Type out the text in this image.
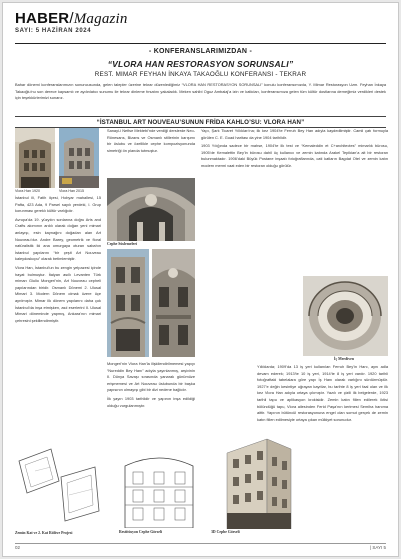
HABER/Magazin
SAYI: 5 HAZİRAN 2024
- KONFERANSLARIMIZDAN -
“VLORA HAN RESTORASYON SORUNSALI”
REST. MIMAR FEYHAN İNKAYA TAKAOĞLU KONFERANSI - TEKRAR

Bahar dönemi konferanslarımızın sonuncusunda, gelen talepler üzerine tekrar düzenlediğimiz “VLORA HAN RESTORASYON SORUNSALI” konulu konferansımızda, Y. Mimar Restorasyon Uzm. Feyhan İnkaya Takaoğlu’nu son derece kapsamlı ve aydınlatıcı sunumu ile tekrar dinleme fırsatını yakaladık. Meken sahibi Oguz Ambalaj’a izin ve katkıları, konferansımıza gelen tüm kültür dostlarına derneğimiz verdikleri destek için teşekkürlerimizi sunarız.

“İSTANBUL ART NOUVEAU’SUNUN FRİDA KAHLO’SU: VLORA HAN”
Vlora Han 1920	Vlora Han 2015

İstanbul ili, Fatih ilçesi, Hobyar mahallesi, 15 Pafta, 423 Ada, 9 Parsel sayılı yerdeki, I. Grup korunması gereklı kültür varlığıdır.

Avrupa’da 19. yüzyılın sonlarına doğru Arts and Crafts akımının ardılı olarak doğan yeni mimari anlayışı, esin kaynağını doğadan alan Art Nouveau’dur. Andre Barey, geometrik ve floral natüralistik iki ana omurgaya oturan sabahın İstanbul yapılarını “bir çeşit Art Nouveau kaleydoskopu” olarak betimlemiştir.

Vlora Han, İstanbul’un bu zengin yelpazesi içinde hayat bulmuştur. İtalyan asıllı Levanten Türk mimarı Giulio Mongeri’nin, Art Nouveau cepheli yapılarından biridir. Osmanlı Dönemi 2. Ulusal Mimari 3. Modern Dönem olmak üzere üçe ayrılmıştır. Mimar ilk dönem yapılarını daha çok İstanbul’da inşa etmişken, asıl eserlerini II. Ulusal Mimari döneminde yapmış, Ankara’nın mimari çehresini şekillendirmiştir.

Sanayi-i Nefise Mektebi’nde verdiği derslerde Neo-Rönesans, Bizans ve Osmanlı stillerinin karışımı bir üslubu ve özellikle cephe kompozisyonunda simetriği ön planda tutmuştur.

Cephe Süslemeleri

Mongeri’nin Vlora Han’la ilişkilendirilmemesi yapıyı “Nureddin Bey Hanı” adıyla yayınlanmış, arşivinin II. Dünya Savaşı sırasında yanarak günümüze erişmemesi ve Art Nouveau üslubunda bir başka yapısının olmayışı gibi bir dizi nedene bağlıdır.

İlk yayın 1903 tarihlidir ve yapının inşa edildiği olduğu vurgulanmıştır.

Yapı, Şark Ticaret Yıllıkları’na; ilk kez 1904’te Ferruh Bey Han adıyla kaydedilmiştir. Camii çatı formuyla görülen C. E. Goad haritası da yine 1904 tarihlidir.

1903 Yılığında sadece bir mahse, 1904’te ilk test ve “Kemaleddin et C+architectes” mimarlık bürosu, 1905’de Kemalettin Bey’in bürosu dahil üç kullanıcı ve zemin katında Arakel Tepikian’a ait bir restoran bulunmaktadır. 1906’daki Büyük Postane inşaatı fotoğraflarında, cati katların Bagdat Otel ve zemin katın modern mermi vaat eden bir restoran olduğu görülür.

İç Merdiven

Yıllıklarda; 1909’da 13 iş yeri kullanılan Ferruh Bey’in Hanı, aynı adla devam ederek; 1913’te 10 iş yeri, 1914’te 8 iş yeri vardır. 1920 tarihli fotoğraftaki tabelalara göre yapı İş Hanı olarak varlığını sürdürmüştür. 1927’e değin kesintiye uğrayan kayıtlar, bu tarihte 8 iş yeri faal olan ve ilk kez Vlora Han adıyla ortaya çıkmıştır. Yazılı ve çizili ilk belgelerde, 1923 tarihli tapu ve aplikasyon krokisidir. Zemin katın fiilen edilerek iktisi bölündüğü tapu, Vlora ailesinden Ferid Paşa’nın kerimesi Semiha hanıma aittir. Yapının bütüncül restorasyonuna engel olan somut gerçek de zemin katın fiilen edilmesiyle ortaya çıkan mülkiyet sorunudur.

Zemin Kat ve 2. Kat Rölöve Projesi	Restitüsyon Cephe Görseli	3D Cephe Görseli
02	| SAYI 5
